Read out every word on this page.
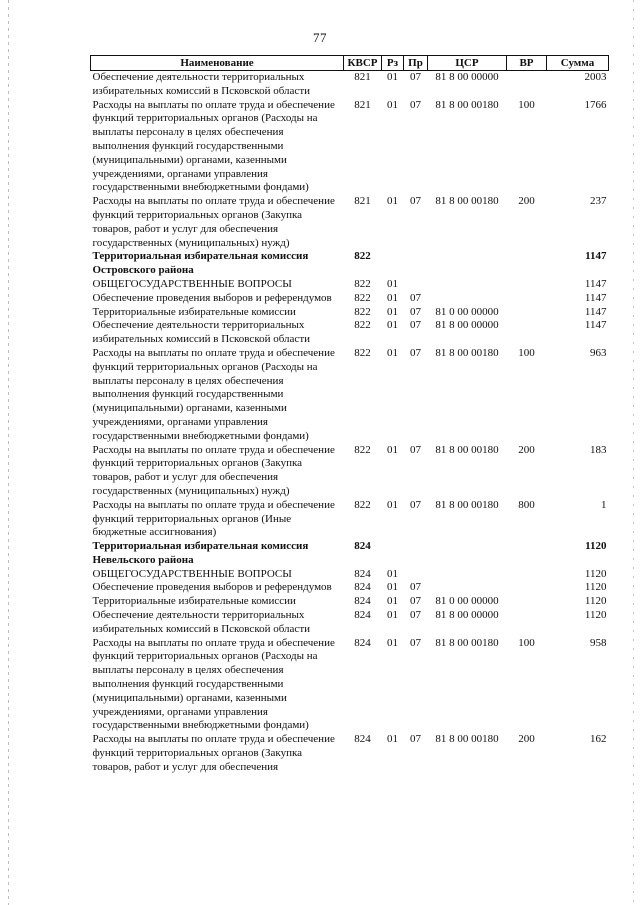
77
Наименование	КВСР	Рз	Пр	ЦСР	ВР	Сумма
Обеспечение деятельности территориальных избирательных комиссий в Псковской области	821	01	07	81 8 00 00000		2003
Расходы на выплаты по оплате труда и обеспечение функций территориальных органов (Расходы на выплаты персоналу в целях обеспечения выполнения функций государственными (муниципальными) органами, казенными учреждениями, органами управления государственными внебюджетными фондами)	821	01	07	81 8 00 00180	100	1766
Расходы на выплаты по оплате труда и обеспечение функций территориальных органов (Закупка товаров, работ и услуг для обеспечения государственных (муниципальных) нужд)	821	01	07	81 8 00 00180	200	237
Территориальная избирательная комиссия Островского района	822					1147
ОБЩЕГОСУДАРСТВЕННЫЕ ВОПРОСЫ	822	01				1147
Обеспечение проведения выборов и референдумов	822	01	07			1147
Территориальные избирательные комиссии	822	01	07	81 0 00 00000		1147
Обеспечение деятельности территориальных избирательных комиссий в Псковской области	822	01	07	81 8 00 00000		1147
Расходы на выплаты по оплате труда и обеспечение функций территориальных органов (Расходы на выплаты персоналу в целях обеспечения выполнения функций государственными (муниципальными) органами, казенными учреждениями, органами управления государственными внебюджетными фондами)	822	01	07	81 8 00 00180	100	963
Расходы на выплаты по оплате труда и обеспечение функций территориальных органов (Закупка товаров, работ и услуг для обеспечения государственных (муниципальных) нужд)	822	01	07	81 8 00 00180	200	183
Расходы на выплаты по оплате труда и обеспечение функций территориальных органов (Иные бюджетные ассигнования)	822	01	07	81 8 00 00180	800	1
Территориальная избирательная комиссия Невельского района	824					1120
ОБЩЕГОСУДАРСТВЕННЫЕ ВОПРОСЫ	824	01				1120
Обеспечение проведения выборов и референдумов	824	01	07			1120
Территориальные избирательные комиссии	824	01	07	81 0 00 00000		1120
Обеспечение деятельности территориальных избирательных комиссий в Псковской области	824	01	07	81 8 00 00000		1120
Расходы на выплаты по оплате труда и обеспечение функций территориальных органов (Расходы на выплаты персоналу в целях обеспечения выполнения функций государственными (муниципальными) органами, казенными учреждениями, органами управления государственными внебюджетными фондами)	824	01	07	81 8 00 00180	100	958
Расходы на выплаты по оплате труда и обеспечение функций территориальных органов (Закупка товаров, работ и услуг для обеспечения	824	01	07	81 8 00 00180	200	162
